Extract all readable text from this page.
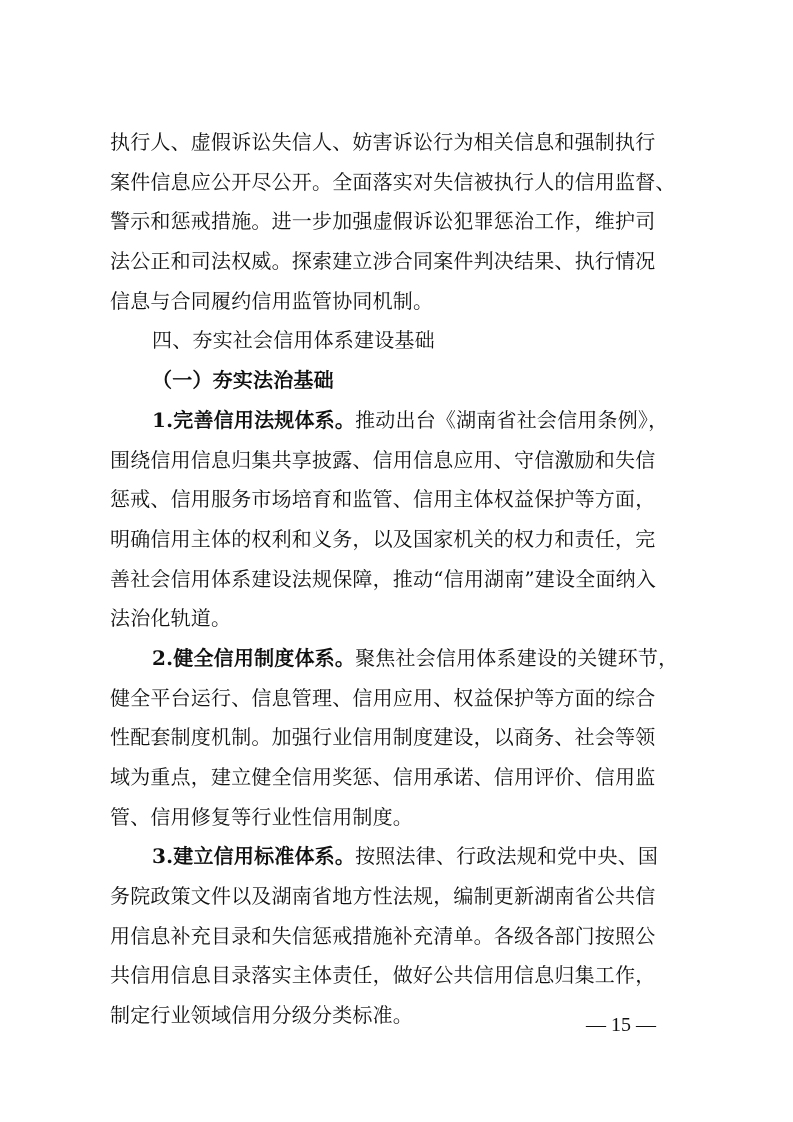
执行人、虚假诉讼失信人、妨害诉讼行为相关信息和强制执行
案件信息应公开尽公开。全面落实对失信被执行人的信用监督、
警示和惩戒措施。进一步加强虚假诉讼犯罪惩治工作，维护司
法公正和司法权威。探索建立涉合同案件判决结果、执行情况
信息与合同履约信用监管协同机制。
四、夯实社会信用体系建设基础
（一）夯实法治基础
1.完善信用法规体系。推动出台《湖南省社会信用条例》，
围绕信用信息归集共享披露、信用信息应用、守信激励和失信
惩戒、信用服务市场培育和监管、信用主体权益保护等方面，
明确信用主体的权利和义务，以及国家机关的权力和责任，完
善社会信用体系建设法规保障，推动“信用湖南”建设全面纳入
法治化轨道。
2.健全信用制度体系。聚焦社会信用体系建设的关键环节，
健全平台运行、信息管理、信用应用、权益保护等方面的综合
性配套制度机制。加强行业信用制度建设，以商务、社会等领
域为重点，建立健全信用奖惩、信用承诺、信用评价、信用监
管、信用修复等行业性信用制度。
3.建立信用标准体系。按照法律、行政法规和党中央、国
务院政策文件以及湖南省地方性法规，编制更新湖南省公共信
用信息补充目录和失信惩戒措施补充清单。各级各部门按照公
共信用信息目录落实主体责任，做好公共信用信息归集工作，
制定行业领域信用分级分类标准。	— 15 —
